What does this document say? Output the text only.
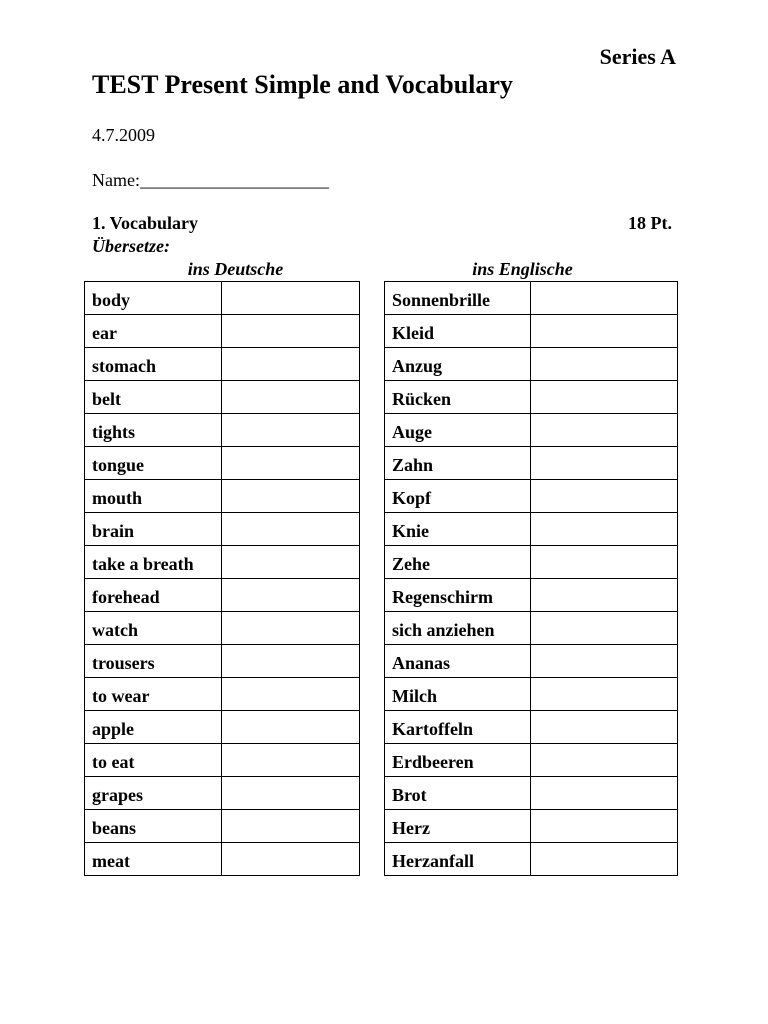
Series A
TEST Present Simple and Vocabulary
4.7.2009
Name:_____________________
1. Vocabulary	18 Pt.
Übersetze:
ins Deutsche	ins Englische
body	
ear	
stomach	
belt	
tights	
tongue	
mouth	
brain	
take a breath	
forehead	
watch	
trousers	
to wear	
apple	
to eat	
grapes	
beans	
meat	
Sonnenbrille	
Kleid	
Anzug	
Rücken	
Auge	
Zahn	
Kopf	
Knie	
Zehe	
Regenschirm	
sich anziehen	
Ananas	
Milch	
Kartoffeln	
Erdbeeren	
Brot	
Herz	
Herzanfall	
